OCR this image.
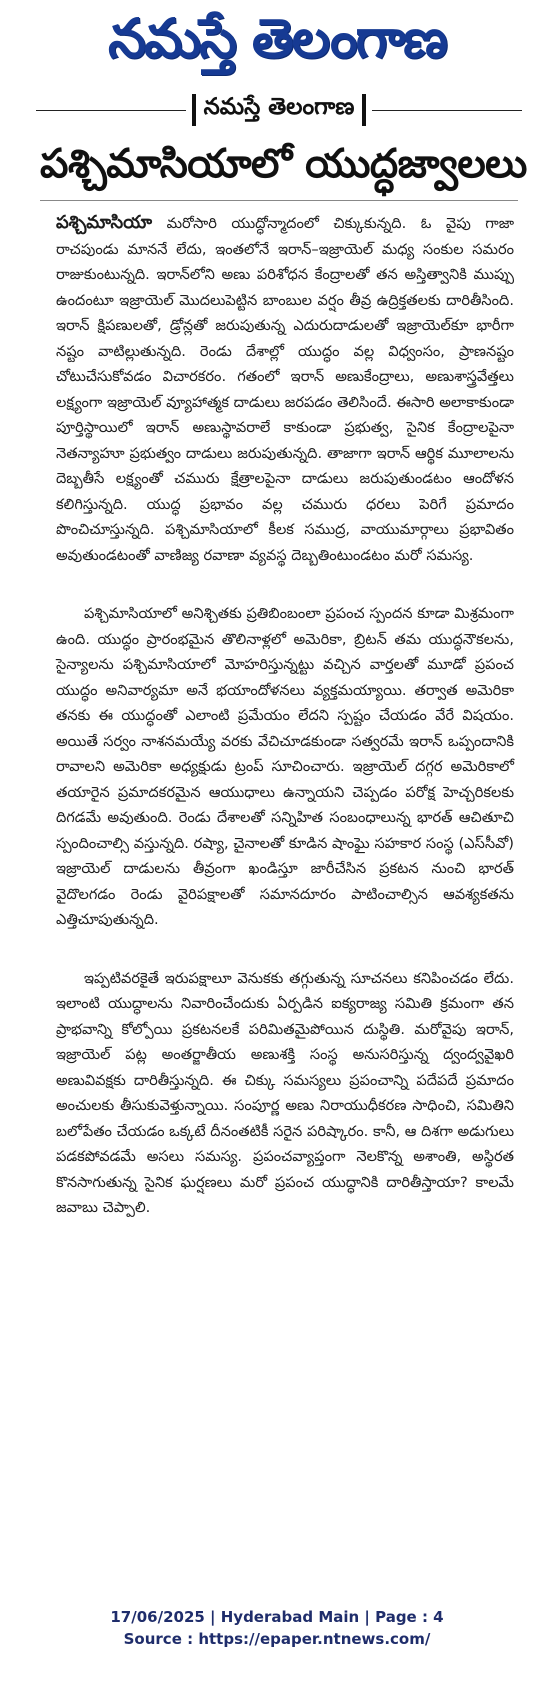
నమస్తే తెలంగాణ
నమస్తే తెలంగాణ
పశ్చిమాసియాలో యుద్ధజ్వాలలు

పశ్చిమాసియా మరోసారి యుద్ధోన్మాదంలో చిక్కుకున్నది. ఓ వైపు గాజా రాచపుండు మాననే లేదు, ఇంతలోనే ఇరాన్–ఇజ్రాయెల్ మధ్య సంకుల సమరం రాజుకుంటున్నది. ఇరాన్‌లోని అణు పరిశోధన కేంద్రాలతో తన అస్తిత్వానికి ముప్పు ఉందంటూ ఇజ్రాయెల్ మొదలుపెట్టిన బాంబుల వర్షం తీవ్ర ఉద్రిక్తతలకు దారితీసింది. ఇరాన్ క్షిపణులతో, డ్రోన్లతో జరుపుతున్న ఎదురుదాడులతో ఇజ్రాయెల్‌కూ భారీగా నష్టం వాటిల్లుతున్నది. రెండు దేశాల్లో యుద్ధం వల్ల విధ్వంసం, ప్రాణనష్టం చోటుచేసుకోవడం విచారకరం. గతంలో ఇరాన్ అణుకేంద్రాలు, అణుశాస్త్రవేత్తలు లక్ష్యంగా ఇజ్రాయెల్ వ్యూహాత్మక దాడులు జరపడం తెలిసిందే. ఈసారి అలాకాకుండా పూర్తిస్థాయిలో ఇరాన్ అణుస్థావరాలే కాకుండా ప్రభుత్వ, సైనిక కేంద్రాలపైనా నెతన్యాహూ ప్రభుత్వం దాడులు జరుపుతున్నది. తాజాగా ఇరాన్ ఆర్థిక మూలాలను దెబ్బతీసే లక్ష్యంతో చమురు క్షేత్రాలపైనా దాడులు జరుపుతుండటం ఆందోళన కలిగిస్తున్నది. యుద్ధ ప్రభావం వల్ల చమురు ధరలు పెరిగే ప్రమాదం పొంచిచూస్తున్నది. పశ్చిమాసియాలో కీలక సముద్ర, వాయుమార్గాలు ప్రభావితం అవుతుండటంతో వాణిజ్య రవాణా వ్యవస్థ దెబ్బతింటుండటం మరో సమస్య.

పశ్చిమాసియాలో అనిశ్చితకు ప్రతిబింబంలా ప్రపంచ స్పందన కూడా మిశ్రమంగా ఉంది. యుద్ధం ప్రారంభమైన తొలినాళ్లలో అమెరికా, బ్రిటన్ తమ యుద్ధనౌకలను, సైన్యాలను పశ్చిమాసియాలో మోహరిస్తున్నట్టు వచ్చిన వార్తలతో మూడో ప్రపంచ యుద్ధం అనివార్యమా అనే భయాందోళనలు వ్యక్తమయ్యాయి. తర్వాత అమెరికా తనకు ఈ యుద్ధంతో ఎలాంటి ప్రమేయం లేదని స్పష్టం చేయడం వేరే విషయం. అయితే సర్వం నాశనమయ్యే వరకు వేచిచూడకుండా సత్వరమే ఇరాన్ ఒప్పందానికి రావాలని అమెరికా అధ్యక్షుడు ట్రంప్ సూచించారు. ఇజ్రాయెల్ దగ్గర అమెరికాలో తయారైన ప్రమాదకరమైన ఆయుధాలు ఉన్నాయని చెప్పడం పరోక్ష హెచ్చరికలకు దిగడమే అవుతుంది. రెండు దేశాలతో సన్నిహిత సంబంధాలున్న భారత్ ఆచితూచి స్పందించాల్సి వస్తున్నది. రష్యా, చైనాలతో కూడిన షాంఘై సహకార సంస్థ (ఎస్‌సీవో) ఇజ్రాయెల్ దాడులను తీవ్రంగా ఖండిస్తూ జారీచేసిన ప్రకటన నుంచి భారత్ వైదొలగడం రెండు వైరిపక్షాలతో సమానదూరం పాటించాల్సిన ఆవశ్యకతను ఎత్తిచూపుతున్నది.

ఇప్పటివరకైతే ఇరుపక్షాలూ వెనుకకు తగ్గుతున్న సూచనలు కనిపించడం లేదు. ఇలాంటి యుద్ధాలను నివారించేందుకు ఏర్పడిన ఐక్యరాజ్య సమితి క్రమంగా తన ప్రాభవాన్ని కోల్పోయి ప్రకటనలకే పరిమితమైపోయిన దుస్థితి. మరోవైపు ఇరాన్, ఇజ్రాయెల్ పట్ల అంతర్జాతీయ అణుశక్తి సంస్థ అనుసరిస్తున్న ద్వంద్వవైఖరి అణువివక్షకు దారితీస్తున్నది. ఈ చిక్కు సమస్యలు ప్రపంచాన్ని పదేపదే ప్రమాదం అంచులకు తీసుకువెళ్తున్నాయి. సంపూర్ణ అణు నిరాయుధీకరణ సాధించి, సమితిని బలోపేతం చేయడం ఒక్కటే దీనంతటికీ సరైన పరిష్కారం. కానీ, ఆ దిశగా అడుగులు పడకపోవడమే అసలు సమస్య. ప్రపంచవ్యాప్తంగా నెలకొన్న అశాంతి, అస్థిరత కొనసాగుతున్న సైనిక ఘర్షణలు మరో ప్రపంచ యుద్ధానికి దారితీస్తాయా? కాలమే జవాబు చెప్పాలి.

17/06/2025 | Hyderabad Main | Page : 4
Source : https://epaper.ntnews.com/
